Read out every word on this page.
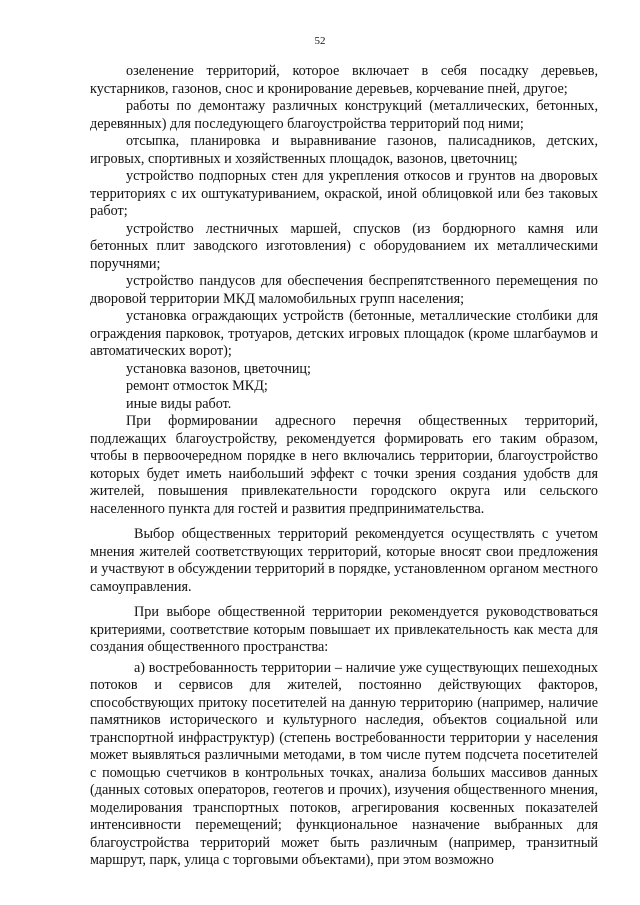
52

озеленение территорий, которое включает в себя посадку деревьев, кустарников, газонов, снос и кронирование деревьев, корчевание пней, другое;

работы по демонтажу различных конструкций (металлических, бетонных, деревянных) для последующего благоустройства территорий под ними;

отсыпка, планировка и выравнивание газонов, палисадников, детских, игровых, спортивных и хозяйственных площадок, вазонов, цветочниц;

устройство подпорных стен для укрепления откосов и грунтов на дворовых территориях с их оштукатуриванием, окраской, иной облицовкой или без таковых работ;

устройство лестничных маршей, спусков (из бордюрного камня или бетонных плит заводского изготовления) с оборудованием их металлическими поручнями;

устройство пандусов для обеспечения беспрепятственного перемещения по дворовой территории МКД маломобильных групп населения;

установка ограждающих устройств (бетонные, металлические столбики для ограждения парковок, тротуаров, детских игровых площадок (кроме шлагбаумов и автоматических ворот);

установка вазонов, цветочниц;

ремонт отмосток МКД;

иные виды работ.

При формировании адресного перечня общественных территорий, подлежащих благоустройству, рекомендуется формировать его таким образом, чтобы в первоочередном порядке в него включались территории, благоустройство которых будет иметь наибольший эффект с точки зрения создания удобств для жителей, повышения привлекательности городского округа или сельского населенного пункта для гостей и развития предпринимательства.

Выбор общественных территорий рекомендуется осуществлять с учетом мнения жителей соответствующих территорий, которые вносят свои предложения и участвуют в обсуждении территорий в порядке, установленном органом местного самоуправления.

При выборе общественной территории рекомендуется руководствоваться критериями, соответствие которым повышает их привлекательность как места для создания общественного пространства:

а) востребованность территории – наличие уже существующих пешеходных потоков и сервисов для жителей, постоянно действующих факторов, способствующих притоку посетителей на данную территорию (например, наличие памятников исторического и культурного наследия, объектов социальной или транспортной инфраструктур) (степень востребованности территории у населения может выявляться различными методами, в том числе путем подсчета посетителей с помощью счетчиков в контрольных точках, анализа больших массивов данных (данных сотовых операторов, геотегов и прочих), изучения общественного мнения, моделирования транспортных потоков, агрегирования косвенных показателей интенсивности перемещений; функциональное назначение выбранных для благоустройства территорий может быть различным (например, транзитный маршрут, парк, улица с торговыми объектами), при этом возможно
